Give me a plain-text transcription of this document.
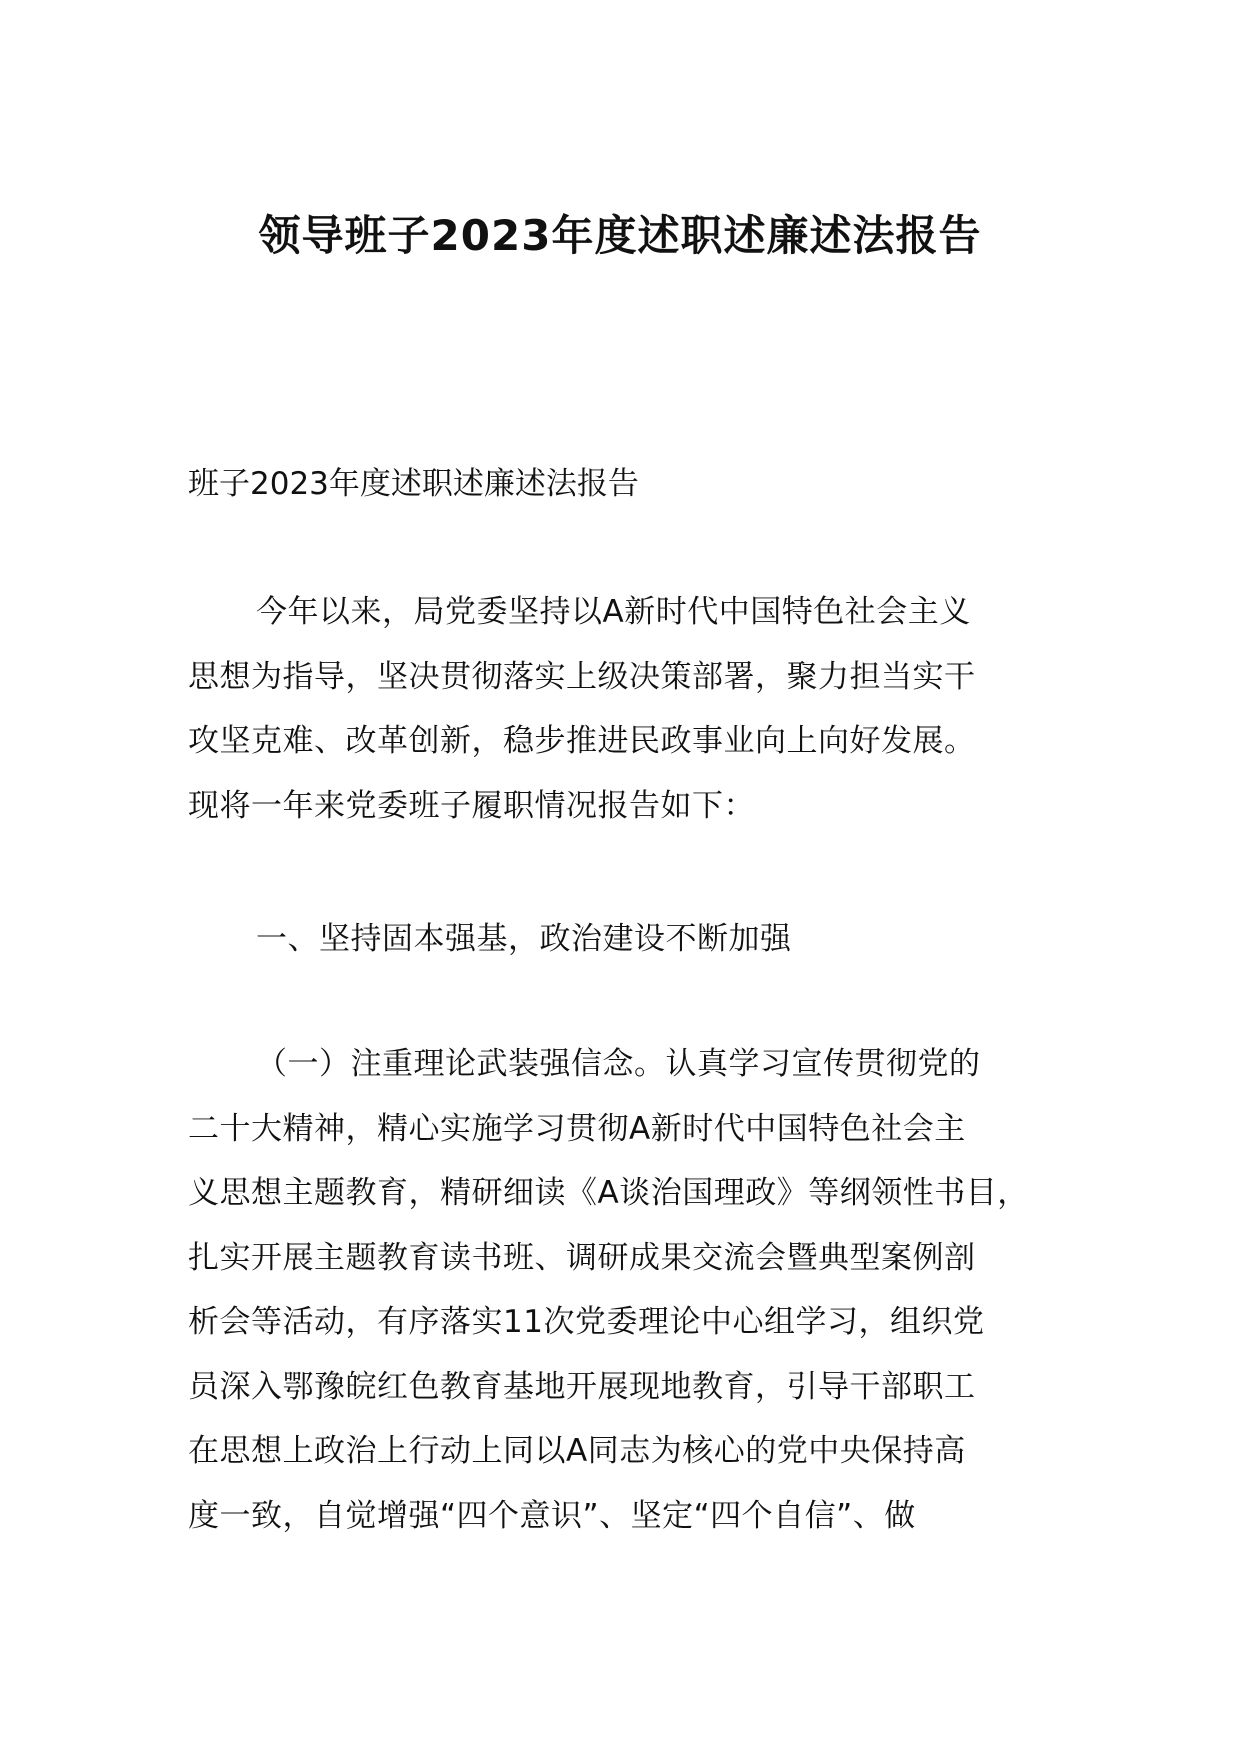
领导班子2023年度述职述廉述法报告
班子2023年度述职述廉述法报告
今年以来，局党委坚持以A新时代中国特色社会主义
思想为指导，坚决贯彻落实上级决策部署，聚力担当实干
攻坚克难、改革创新，稳步推进民政事业向上向好发展。
现将一年来党委班子履职情况报告如下：
一、坚持固本强基，政治建设不断加强
（一）注重理论武装强信念。认真学习宣传贯彻党的
二十大精神，精心实施学习贯彻A新时代中国特色社会主
义思想主题教育，精研细读《A谈治国理政》等纲领性书目，
扎实开展主题教育读书班、调研成果交流会暨典型案例剖
析会等活动，有序落实11次党委理论中心组学习，组织党
员深入鄂豫皖红色教育基地开展现地教育，引导干部职工
在思想上政治上行动上同以A同志为核心的党中央保持高
度一致，自觉增强“四个意识”、坚定“四个自信”、做
